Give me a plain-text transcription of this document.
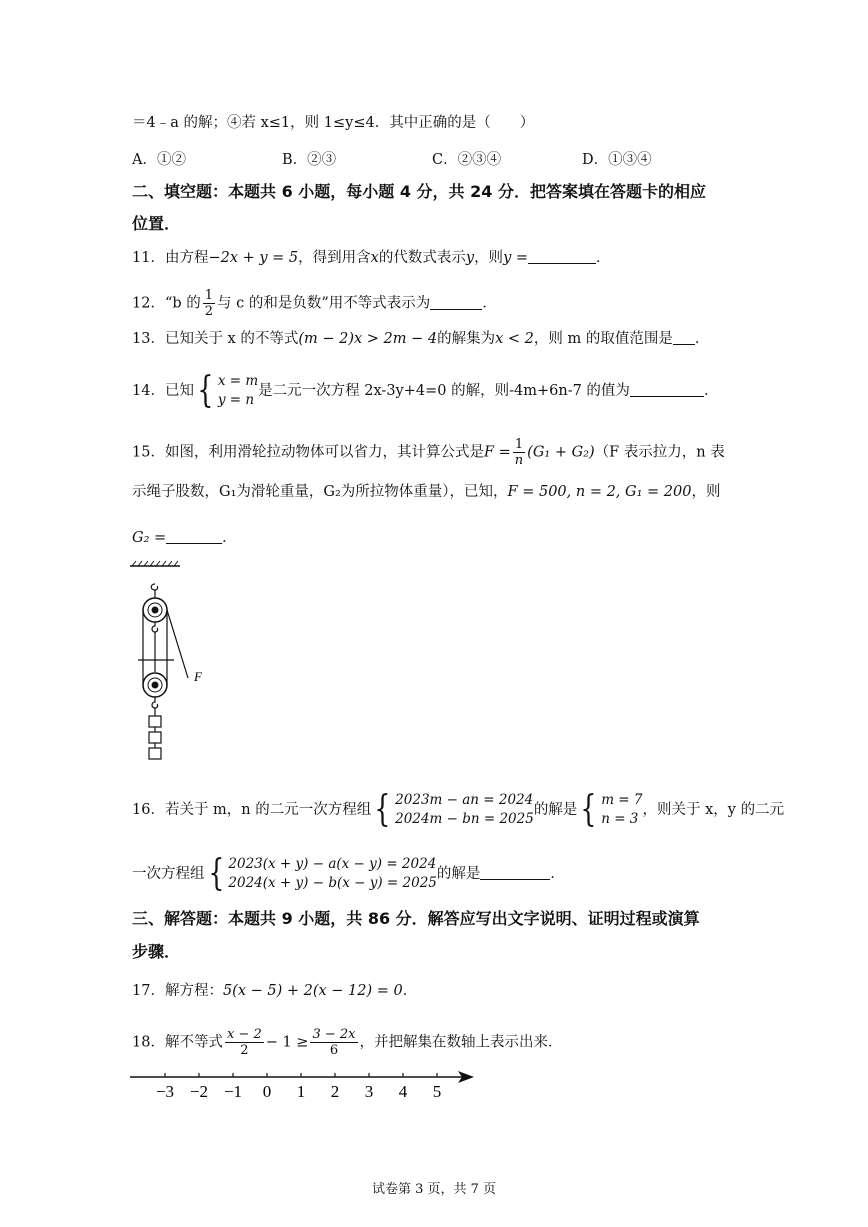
＝4﹣a 的解；④若 x≤1，则 1≤y≤4．其中正确的是（　　）
A．①②	B．②③	C．②③④	D．①③④
二、填空题：本题共 6 小题，每小题 4 分，共 24 分．把答案填在答题卡的相应
位置．
11．由方程−2x + y = 5，得到用含x的代数式表示y，则y =	．
12．“b 的 $\frac{1}{2}$ 与 c 的和是负数”用不等式表示为	．
13．已知关于 x 的不等式(m − 2)x > 2m − 4的解集为x < 2，则 m 的取值范围是 ．
14．已知 { x = m
y = n
是二元一次方程 2x-3y+4=0 的解，则-4m+6n-7 的值为	．
15．如图，利用滑轮拉动物体可以省力，其计算公式是$F = \frac{1}{n} (G_1 + G_2)(F$ 表示拉力，n 表
示绳子股数，G₁为滑轮重量，G₂为所拉物体重量），已知，F = 500, n = 2, G₁ = 200，则
G₂ =	．
F
16．若关于 m，n 的二元一次方程组 { 2023m − an = 2024
2024m − bn = 2025
的解是 { m = 7
n = 3
，则关于 x，y 的二元
一次方程组 { 2023(x + y) − a(x − y) = 2024
2024(x + y) − b(x − y) = 2025
的解是	．
三、解答题：本题共 9 小题，共 86 分．解答应写出文字说明、证明过程或演算
步骤．
17．解方程：5(x − 5) + 2(x − 12) = 0．
18．解不等式 $\frac{x - 2}{2} - 1 \ge \frac{3 - 2x}{6}$ ，并把解集在数轴上表示出来．
−3 −2 −1 0 1 2 3 4 5
试卷第 3 页，共 7 页
